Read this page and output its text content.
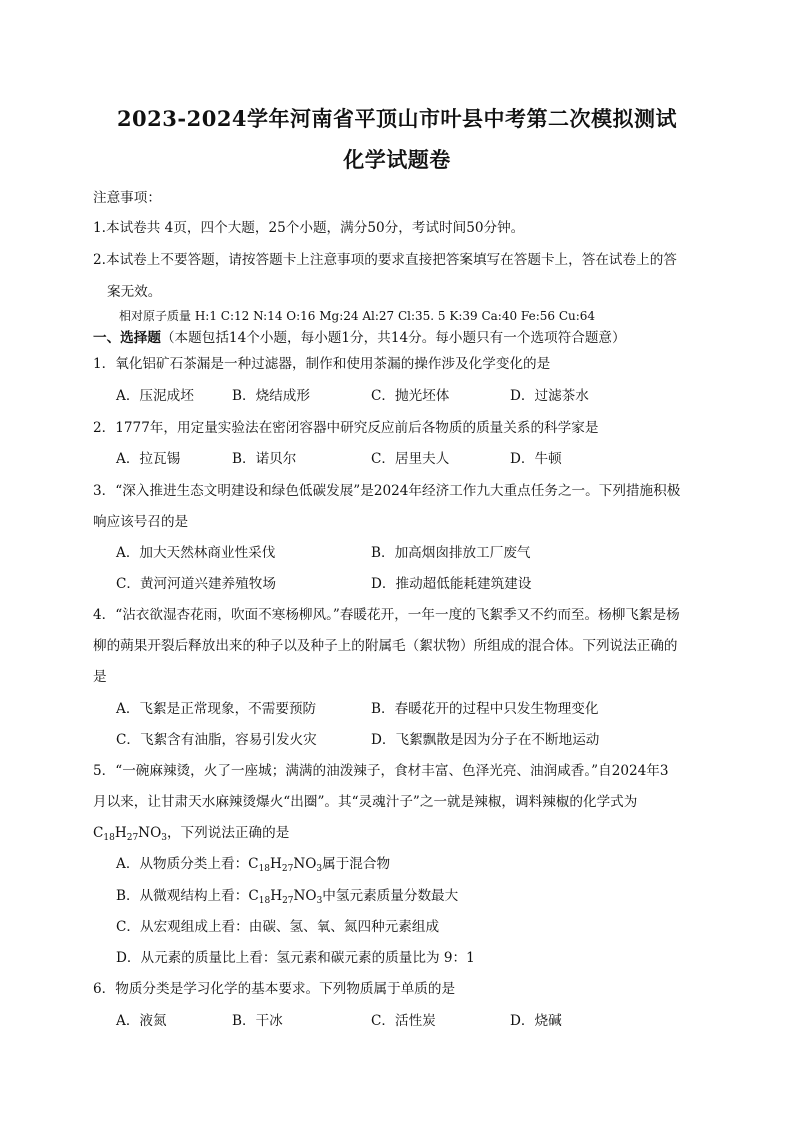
2023-2024学年河南省平顶山市叶县中考第二次模拟测试
化学试题卷
注意事项：
1.本试卷共 4页，四个大题，25个小题，满分50分，考试时间50分钟。
2.本试卷上不要答题，请按答题卡上注意事项的要求直接把答案填写在答题卡上，答在试卷上的答
案无效。
相对原子质量 H:1 C:12 N:14 O:16 Mg:24 Al:27 Cl:35. 5 K:39 Ca:40 Fe:56 Cu:64
一、选择题（本题包括14个小题，每小题1分，共14分。每小题只有一个选项符合题意）
1．氧化铝矿石茶漏是一种过滤器，制作和使用茶漏的操作涉及化学变化的是
A．压泥成坯	B．烧结成形	C．抛光坯体	D．过滤茶水
2．1777年，用定量实验法在密闭容器中研究反应前后各物质的质量关系的科学家是
A．拉瓦锡	B．诺贝尔	C．居里夫人	D．牛顿
3．“深入推进生态文明建设和绿色低碳发展”是2024年经济工作九大重点任务之一。下列措施积极
响应该号召的是
A．加大天然林商业性采伐	B．加高烟囱排放工厂废气
C．黄河河道兴建养殖牧场	D．推动超低能耗建筑建设
4．“沾衣欲湿杏花雨，吹面不寒杨柳风。”春暖花开，一年一度的飞絮季又不约而至。杨柳飞絮是杨
柳的蒴果开裂后释放出来的种子以及种子上的附属毛（絮状物）所组成的混合体。下列说法正确的
是
A．飞絮是正常现象，不需要预防	B．春暖花开的过程中只发生物理变化
C．飞絮含有油脂，容易引发火灾	D．飞絮飘散是因为分子在不断地运动
5．“一碗麻辣烫，火了一座城；满满的油泼辣子，食材丰富、色泽光亮、油润咸香。”自2024年3
月以来，让甘肃天水麻辣烫爆火“出圈”。其“灵魂汁子”之一就是辣椒，调料辣椒的化学式为
$C_{18}H_{27}NO_3$，下列说法正确的是
A．从物质分类上看：$C_{18}H_{27}NO_3$属于混合物
B．从微观结构上看：$C_{18}H_{27}NO_3$中氢元素质量分数最大
C．从宏观组成上看：由碳、氢、氧、氮四种元素组成
D．从元素的质量比上看：氢元素和碳元素的质量比为 9：1
6．物质分类是学习化学的基本要求。下列物质属于单质的是
A．液氮	B．干冰	C．活性炭	D．烧碱
